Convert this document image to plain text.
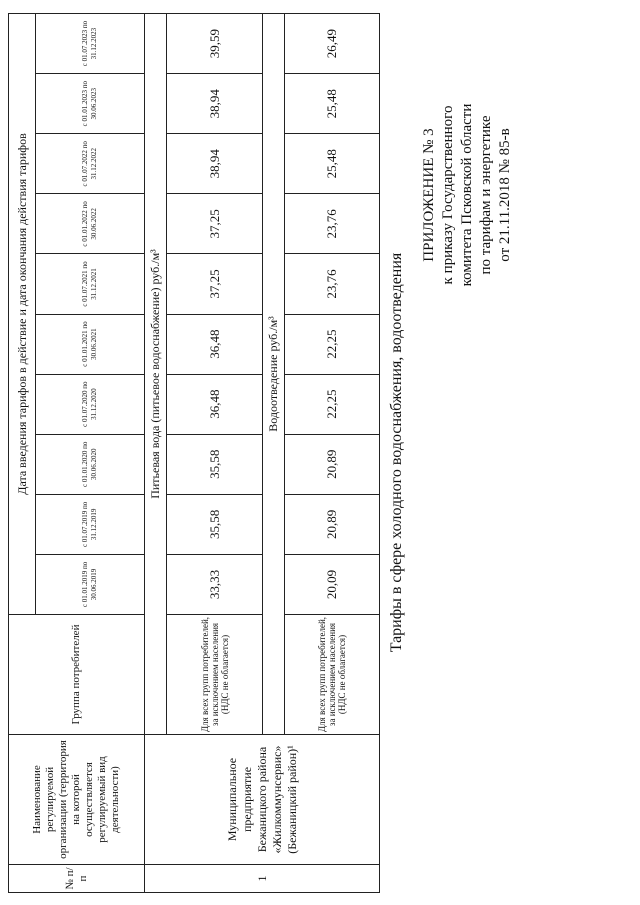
ПРИЛОЖЕНИЕ № 3 к приказу Государственного комитета Псковской области по тарифам и энергетике от 21.11.2018 № 85-в
Тарифы в сфере холодного водоснабжения, водоотведения
№ п/п	Наименование регулируемой организации (территория на которой осуществляется регулируемый вид деятельности)	Группа потребителей	Дата введения тарифов в действие и дата окончания действия тарифов									
			с 01.01.2019 по 30.06.2019	с 01.07.2019 по 31.12.2019	с 01.01.2020 по 30.06.2020	с 01.07.2020 по 31.12.2020	с 01.01.2021 по 30.06.2021	с 01.07.2021 по 31.12.2021	с 01.01.2022 по 30.06.2022	с 01.07.2022 по 31.12.2022	с 01.01.2023 по 30.06.2023	с 01.07.2023 по 31.12.2023
1	Муниципальное предприятие Бежаницкого района «Жилкоммунсервис» (Бежаницкий район)¹	Питьевая вода (питьевое водоснабжение) руб./м³										
		Для всех групп потребителей, за исключением населения (НДС не облагается)	33,33	35,58	35,58	36,48	36,48	37,25	37,25	38,94	38,94	39,59
		Водоотведение руб./м³										
		Для всех групп потребителей, за исключением населения (НДС не облагается)	20,09	20,89	20,89	22,25	22,25	23,76	23,76	25,48	25,48	26,49
